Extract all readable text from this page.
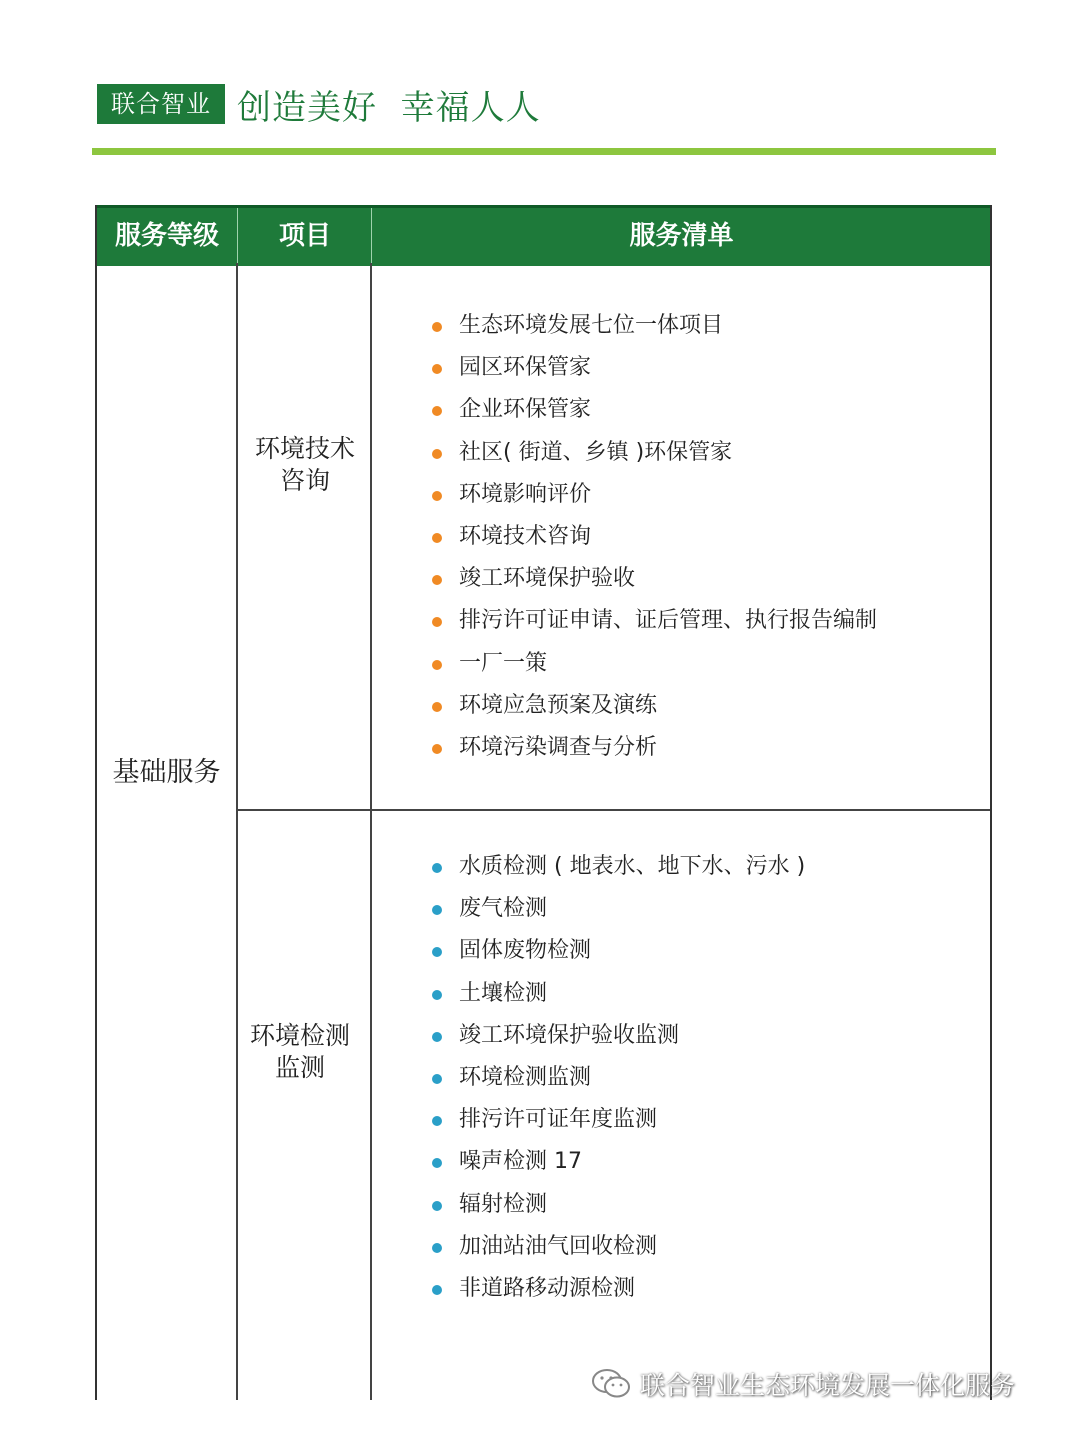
联合智业 创造美好  幸福人人
服务等级	项目	服务清单
基础服务
环境技术
咨询
环境检测
监测
生态环境发展七位一体项目
园区环保管家
企业环保管家
社区( 街道、乡镇 )环保管家
环境影响评价
环境技术咨询
竣工环境保护验收
排污许可证申请、证后管理、执行报告编制
一厂一策
环境应急预案及演练
环境污染调查与分析
水质检测 ( 地表水、地下水、污水 )
废气检测
固体废物检测
土壤检测
竣工环境保护验收监测
环境检测监测
排污许可证年度监测
噪声检测 17
辐射检测
加油站油气回收检测
非道路移动源检测
联合智业生态环境发展一体化服务
